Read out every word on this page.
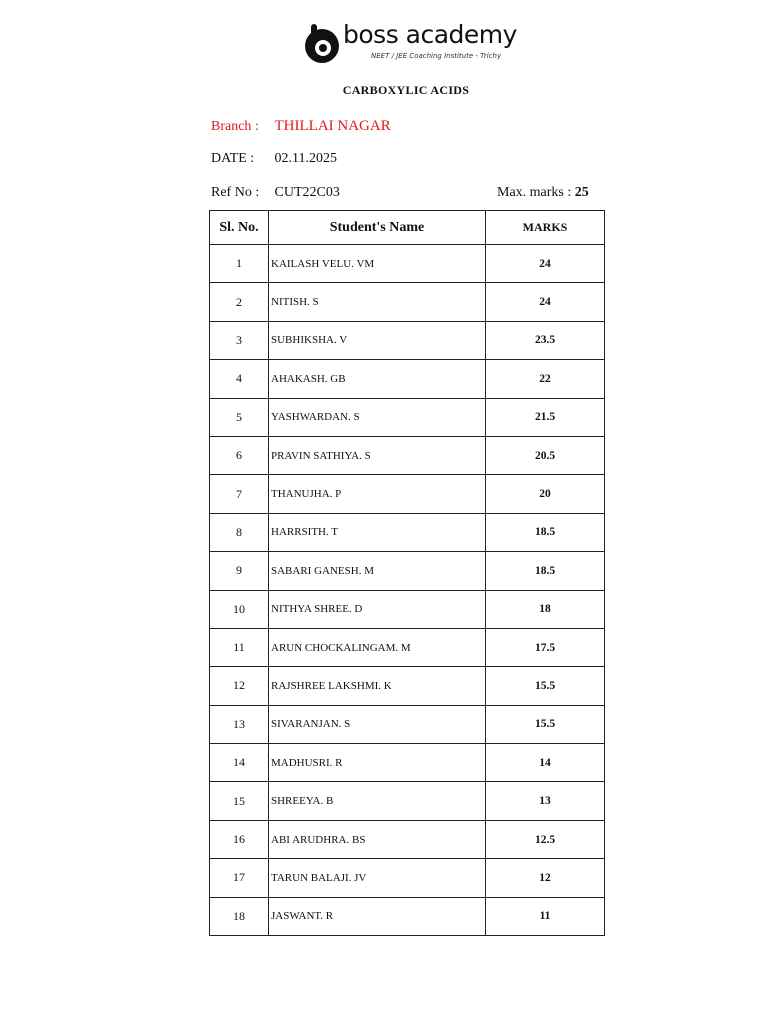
boss academy
NEET / JEE Coaching Institute - Trichy
CARBOXYLIC ACIDS
Branch : THILLAI NAGAR
DATE : 02.11.2025
Ref No : CUT22C03	Max. marks : 25
Sl. No.	Student's Name	MARKS
1	KAILASH VELU. VM	24
2	NITISH. S	24
3	SUBHIKSHA. V	23.5
4	AHAKASH. GB	22
5	YASHWARDAN. S	21.5
6	PRAVIN SATHIYA. S	20.5
7	THANUJHA. P	20
8	HARRSITH. T	18.5
9	SABARI GANESH. M	18.5
10	NITHYA SHREE. D	18
11	ARUN CHOCKALINGAM. M	17.5
12	RAJSHREE LAKSHMI. K	15.5
13	SIVARANJAN. S	15.5
14	MADHUSRI. R	14
15	SHREEYA. B	13
16	ABI ARUDHRA. BS	12.5
17	TARUN BALAJI. JV	12
18	JASWANT. R	11
